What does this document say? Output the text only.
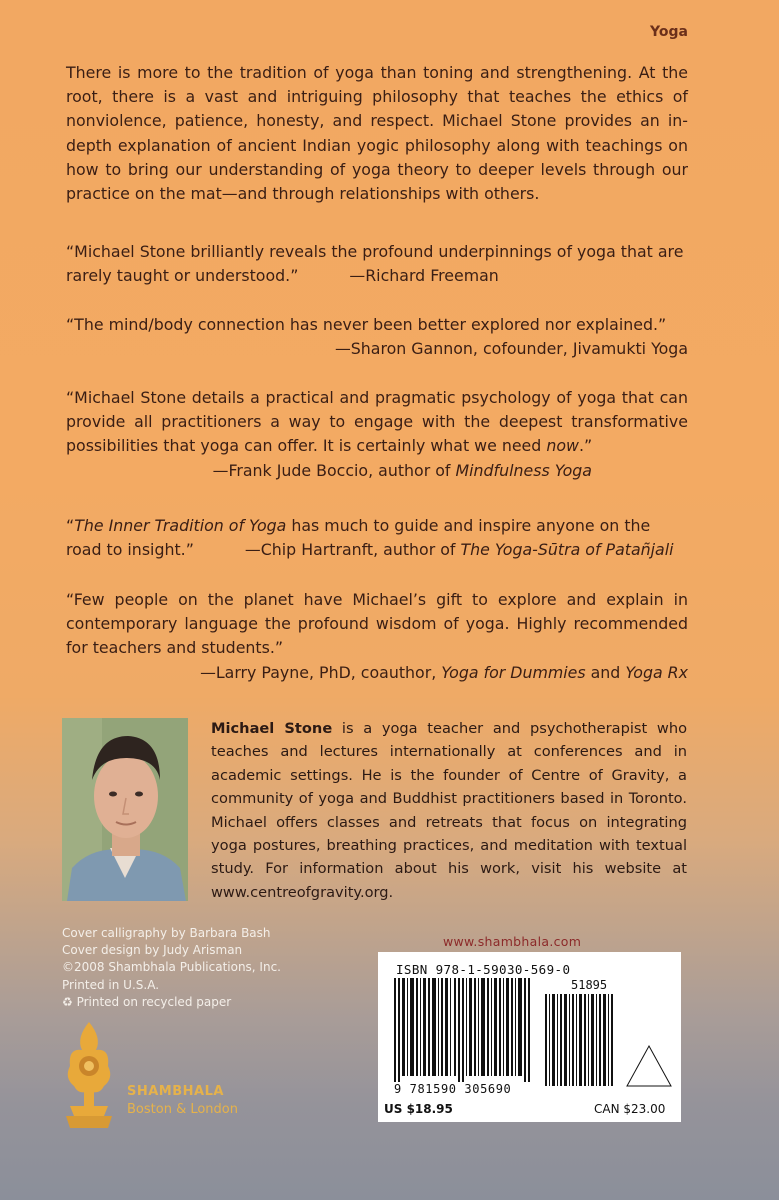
Yoga
There is more to the tradition of yoga than toning and strengthening. At the root, there is a vast and intriguing philosophy that teaches the ethics of nonviolence, patience, honesty, and respect. Michael Stone provides an in-depth explanation of ancient Indian yogic philosophy along with teachings on how to bring our understanding of yoga theory to deeper levels through our practice on the mat—and through relationships with others.
“Michael Stone brilliantly reveals the profound underpinnings of yoga that are rarely taught or understood.”	—Richard Freeman
“The mind/body connection has never been better explored nor explained.”
—Sharon Gannon, cofounder, Jivamukti Yoga
“Michael Stone details a practical and pragmatic psychology of yoga that can provide all practitioners a way to engage with the deepest transformative possibilities that yoga can offer. It is certainly what we need now.”
—Frank Jude Boccio, author of Mindfulness Yoga
“The Inner Tradition of Yoga has much to guide and inspire anyone on the road to insight.”	—Chip Hartranft, author of The Yoga-Sūtra of Patañjali
“Few people on the planet have Michael’s gift to explore and explain in contemporary language the profound wisdom of yoga. Highly recommended for teachers and students.”
—Larry Payne, PhD, coauthor, Yoga for Dummies and Yoga Rx
Michael Stone is a yoga teacher and psychotherapist who teaches and lectures internationally at conferences and in academic settings. He is the founder of Centre of Gravity, a community of yoga and Buddhist practitioners based in Toronto. Michael offers classes and retreats that focus on integrating yoga postures, breathing practices, and meditation with textual study. For information about his work, visit his website at www.centreofgravity.org.
Cover calligraphy by Barbara Bash
Cover design by Judy Arisman
©2008 Shambhala Publications, Inc.
Printed in U.S.A.
♻ Printed on recycled paper
SHAMBHALA
Boston & London
www.shambhala.com
ISBN 978-1-59030-569-0
51895
9 781590 305690
US $18.95	CAN $23.00
